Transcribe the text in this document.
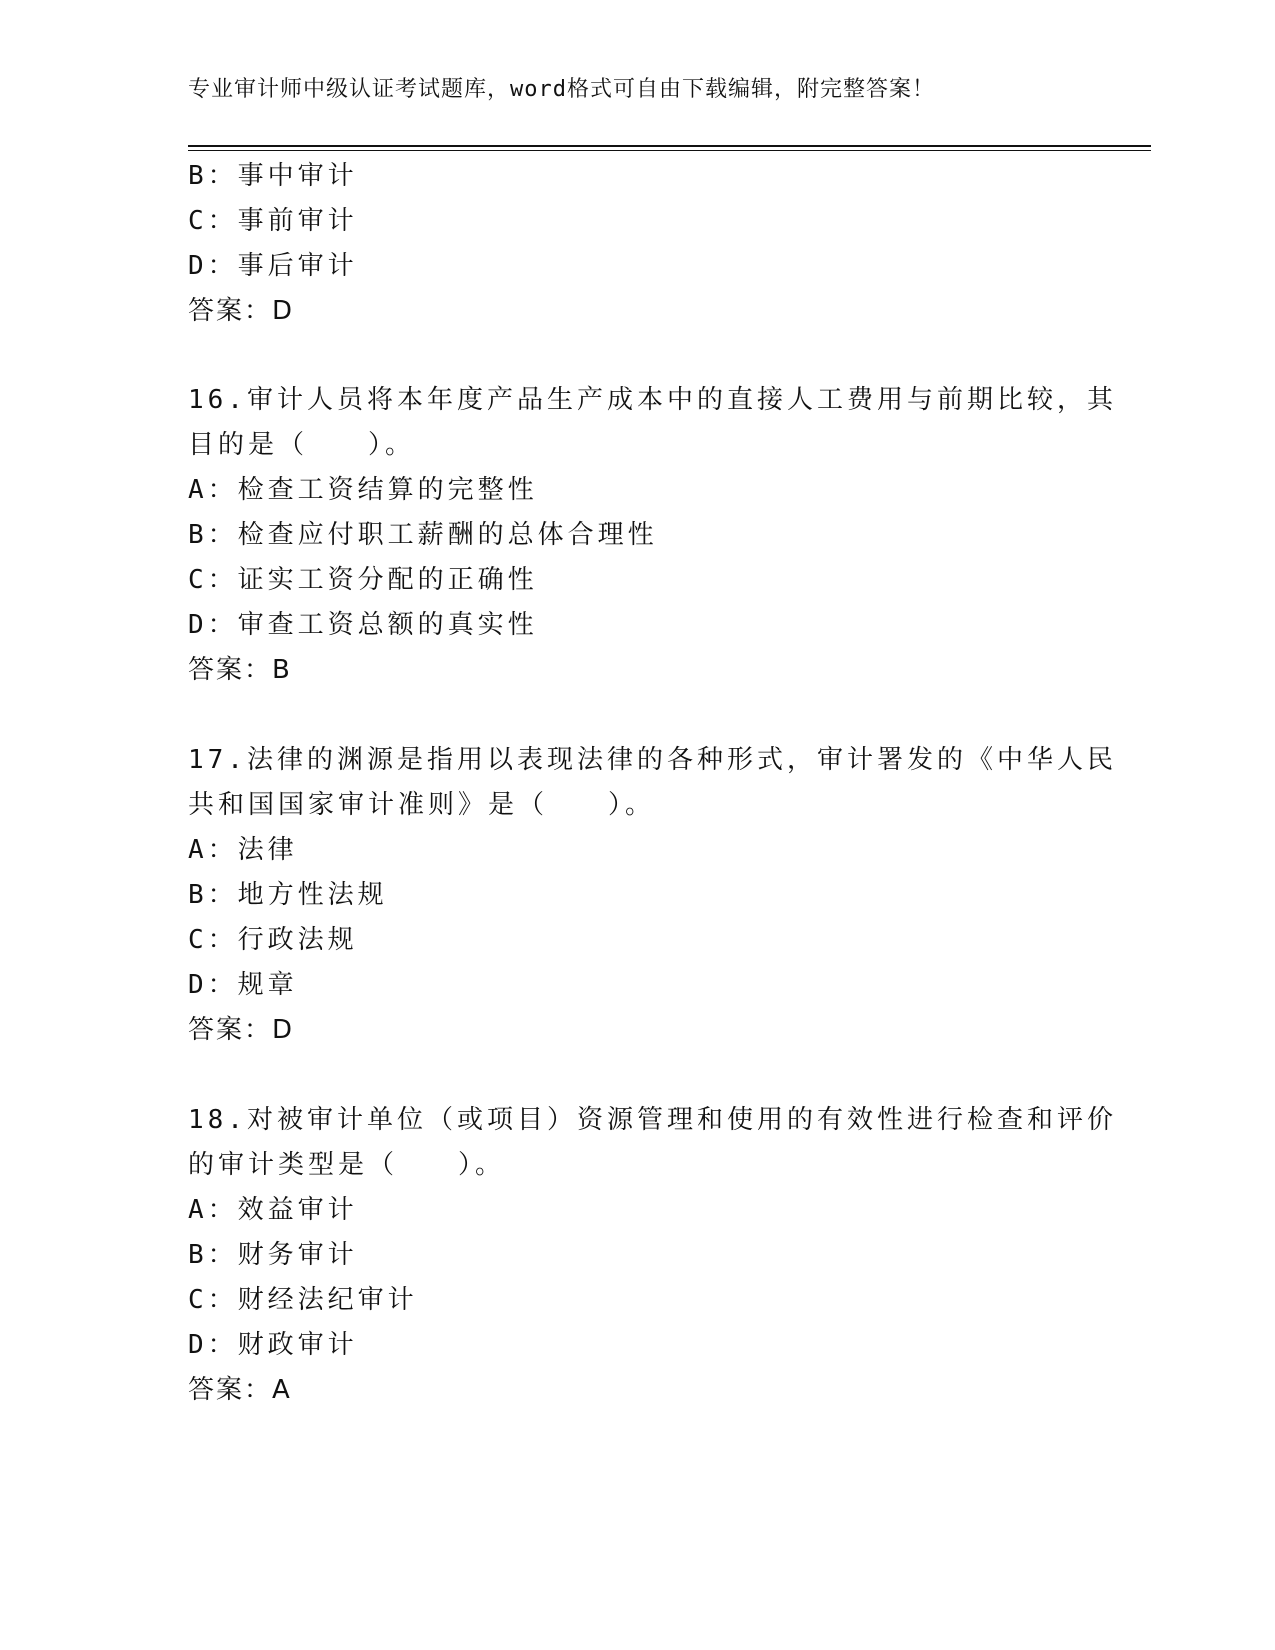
专业审计师中级认证考试题库，word格式可自由下载编辑，附完整答案！
B：事中审计
C：事前审计
D：事后审计
答案：D
16.审计人员将本年度产品生产成本中的直接人工费用与前期比较，其
目的是（　　）。
A：检查工资结算的完整性
B：检查应付职工薪酬的总体合理性
C：证实工资分配的正确性
D：审查工资总额的真实性
答案：B
17.法律的渊源是指用以表现法律的各种形式，审计署发的《中华人民
共和国国家审计准则》是（　　）。
A：法律
B：地方性法规
C：行政法规
D：规章
答案：D
18.对被审计单位（或项目）资源管理和使用的有效性进行检查和评价
的审计类型是（　　）。
A：效益审计
B：财务审计
C：财经法纪审计
D：财政审计
答案：A
